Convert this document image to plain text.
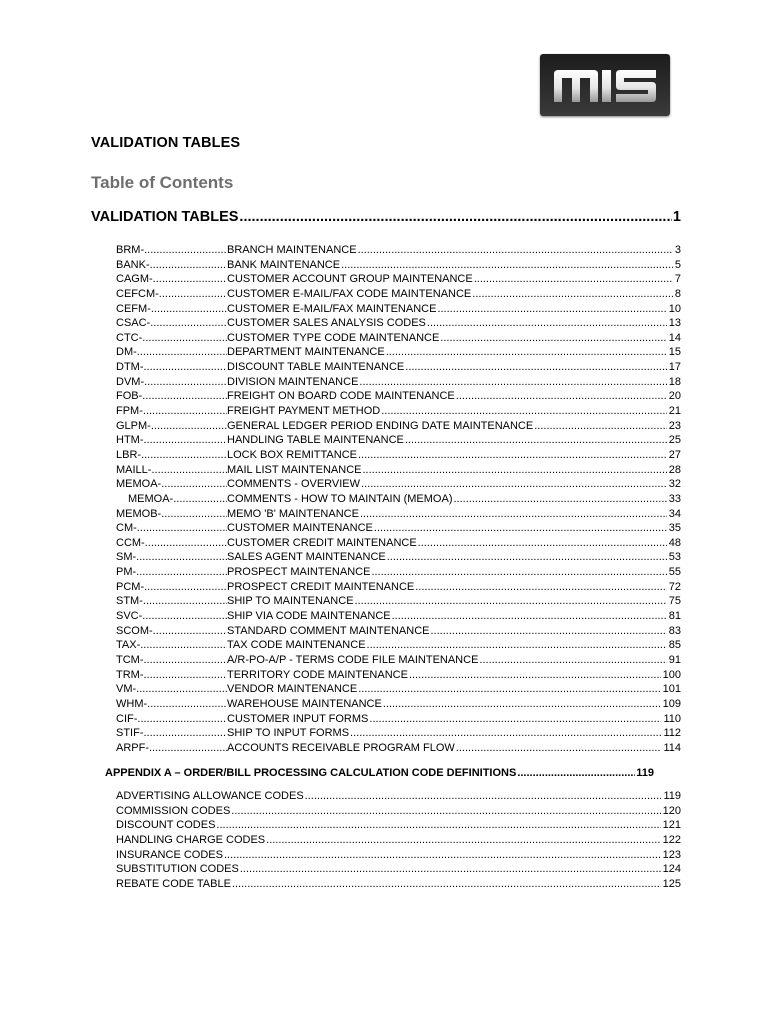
VALIDATION TABLES
Table of Contents
VALIDATION TABLES .....	1
BRM- .....	BRANCH MAINTENANCE .....	3
BANK- .....	BANK MAINTENANCE .....	5
CAGM- .....	CUSTOMER ACCOUNT GROUP MAINTENANCE .....	7
CEFCM- .....	CUSTOMER E-MAIL/FAX CODE MAINTENANCE .....	8
CEFM- .....	CUSTOMER E-MAIL/FAX MAINTENANCE .....	10
CSAC- .....	CUSTOMER SALES ANALYSIS CODES .....	13
CTC- .....	CUSTOMER TYPE CODE MAINTENANCE .....	14
DM- .....	DEPARTMENT MAINTENANCE .....	15
DTM- .....	DISCOUNT TABLE MAINTENANCE .....	17
DVM- .....	DIVISION MAINTENANCE .....	18
FOB- .....	FREIGHT ON BOARD CODE MAINTENANCE .....	20
FPM- .....	FREIGHT PAYMENT METHOD .....	21
GLPM- .....	GENERAL LEDGER PERIOD ENDING DATE MAINTENANCE .....	23
HTM- .....	HANDLING TABLE MAINTENANCE .....	25
LBR- .....	LOCK BOX REMITTANCE .....	27
MAILL- .....	MAIL LIST MAINTENANCE .....	28
MEMOA- .....	COMMENTS - OVERVIEW .....	32
MEMOA- .....	COMMENTS - HOW TO MAINTAIN (MEMOA) .....	33
MEMOB- .....	MEMO 'B' MAINTENANCE .....	34
CM- .....	CUSTOMER MAINTENANCE .....	35
CCM- .....	CUSTOMER CREDIT MAINTENANCE .....	48
SM- .....	SALES AGENT MAINTENANCE .....	53
PM- .....	PROSPECT MAINTENANCE .....	55
PCM- .....	PROSPECT CREDIT MAINTENANCE .....	72
STM- .....	SHIP TO MAINTENANCE .....	75
SVC- .....	SHIP VIA CODE MAINTENANCE .....	81
SCOM- .....	STANDARD COMMENT MAINTENANCE .....	83
TAX- .....	TAX CODE MAINTENANCE .....	85
TCM- .....	A/R-PO-A/P - TERMS CODE FILE MAINTENANCE .....	91
TRM- .....	TERRITORY CODE MAINTENANCE .....	100
VM- .....	VENDOR MAINTENANCE .....	101
WHM- .....	WAREHOUSE MAINTENANCE .....	109
CIF- .....	CUSTOMER INPUT FORMS .....	110
STIF- .....	SHIP TO INPUT FORMS .....	112
ARPF- .....	ACCOUNTS RECEIVABLE PROGRAM FLOW .....	114
APPENDIX A – ORDER/BILL PROCESSING CALCULATION CODE DEFINITIONS .....	119
ADVERTISING ALLOWANCE CODES .....	119
COMMISSION CODES .....	120
DISCOUNT CODES .....	121
HANDLING CHARGE CODES .....	122
INSURANCE CODES .....	123
SUBSTITUTION CODES .....	124
REBATE CODE TABLE .....	125
